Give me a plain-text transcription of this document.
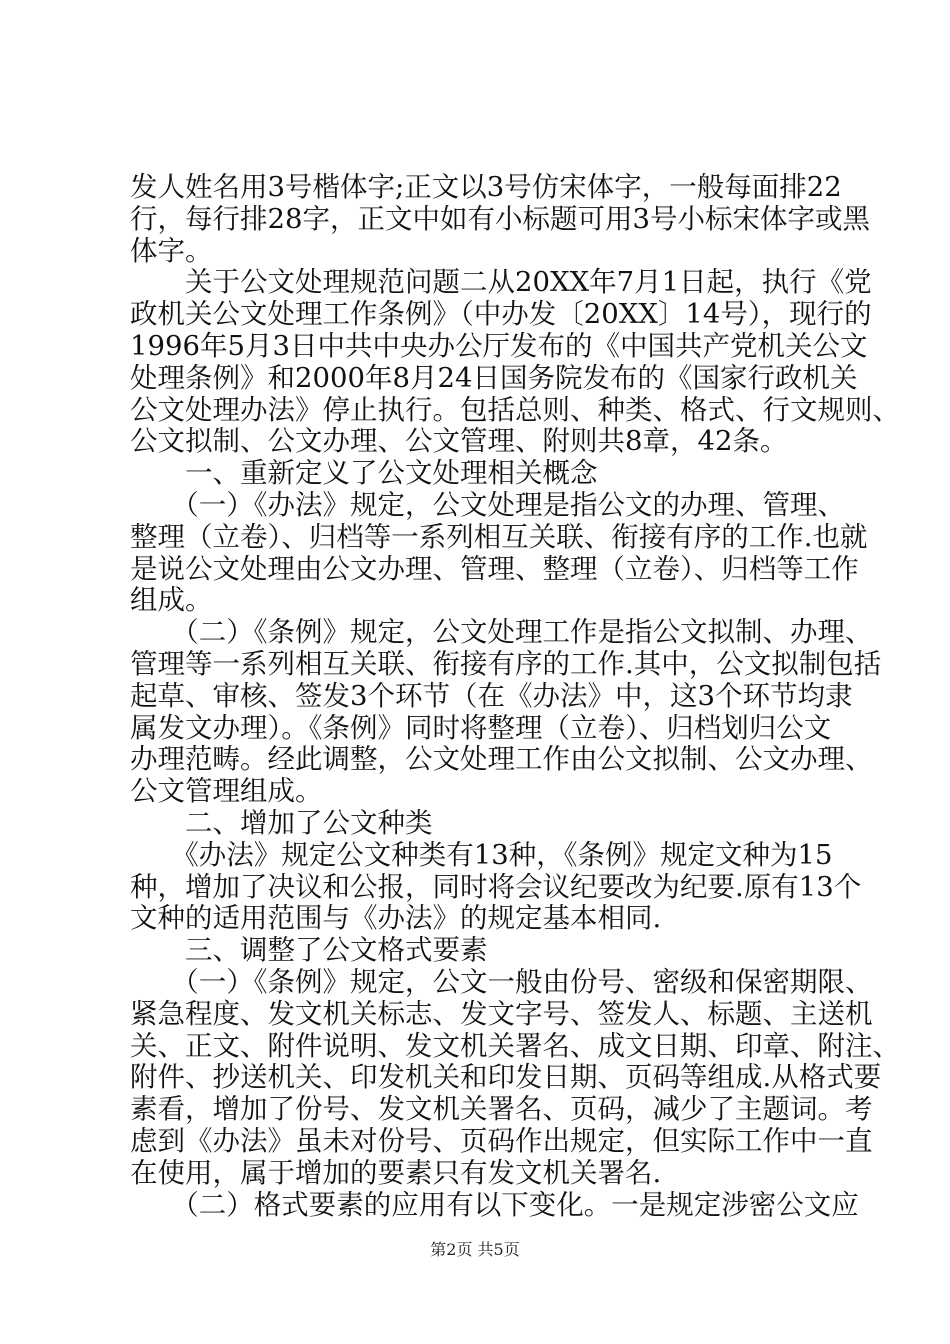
发人姓名用3号楷体字;正文以3号仿宋体字，一般每面排22
行，每行排28字，正文中如有小标题可用3号小标宋体字或黑
体字。
　　关于公文处理规范问题二从20XX年7月1日起，执行《党
政机关公文处理工作条例》（中办发〔20XX〕14号），现行的
1996年5月3日中共中央办公厅发布的《中国共产党机关公文
处理条例》和2000年8月24日国务院发布的《国家行政机关
公文处理办法》停止执行。包括总则、种类、格式、行文规则、
公文拟制、公文办理、公文管理、附则共8章，42条。
　　一、重新定义了公文处理相关概念
　　（一）《办法》规定，公文处理是指公文的办理、管理、
整理（立卷）、归档等一系列相互关联、衔接有序的工作.也就
是说公文处理由公文办理、管理、整理（立卷）、归档等工作
组成。
　　（二）《条例》规定，公文处理工作是指公文拟制、办理、
管理等一系列相互关联、衔接有序的工作.其中，公文拟制包括
起草、审核、签发3个环节（在《办法》中，这3个环节均隶
属发文办理）。《条例》同时将整理（立卷）、归档划归公文
办理范畴。经此调整，公文处理工作由公文拟制、公文办理、
公文管理组成。
　　二、增加了公文种类
　　《办法》规定公文种类有13种，《条例》规定文种为15
种，增加了决议和公报，同时将会议纪要改为纪要.原有13个
文种的适用范围与《办法》的规定基本相同.
　　三、调整了公文格式要素
　　（一）《条例》规定，公文一般由份号、密级和保密期限、
紧急程度、发文机关标志、发文字号、签发人、标题、主送机
关、正文、附件说明、发文机关署名、成文日期、印章、附注、
附件、抄送机关、印发机关和印发日期、页码等组成.从格式要
素看，增加了份号、发文机关署名、页码，减少了主题词。考
虑到《办法》虽未对份号、页码作出规定，但实际工作中一直
在使用，属于增加的要素只有发文机关署名.
　　（二）格式要素的应用有以下变化。一是规定涉密公文应
第2页 共5页
